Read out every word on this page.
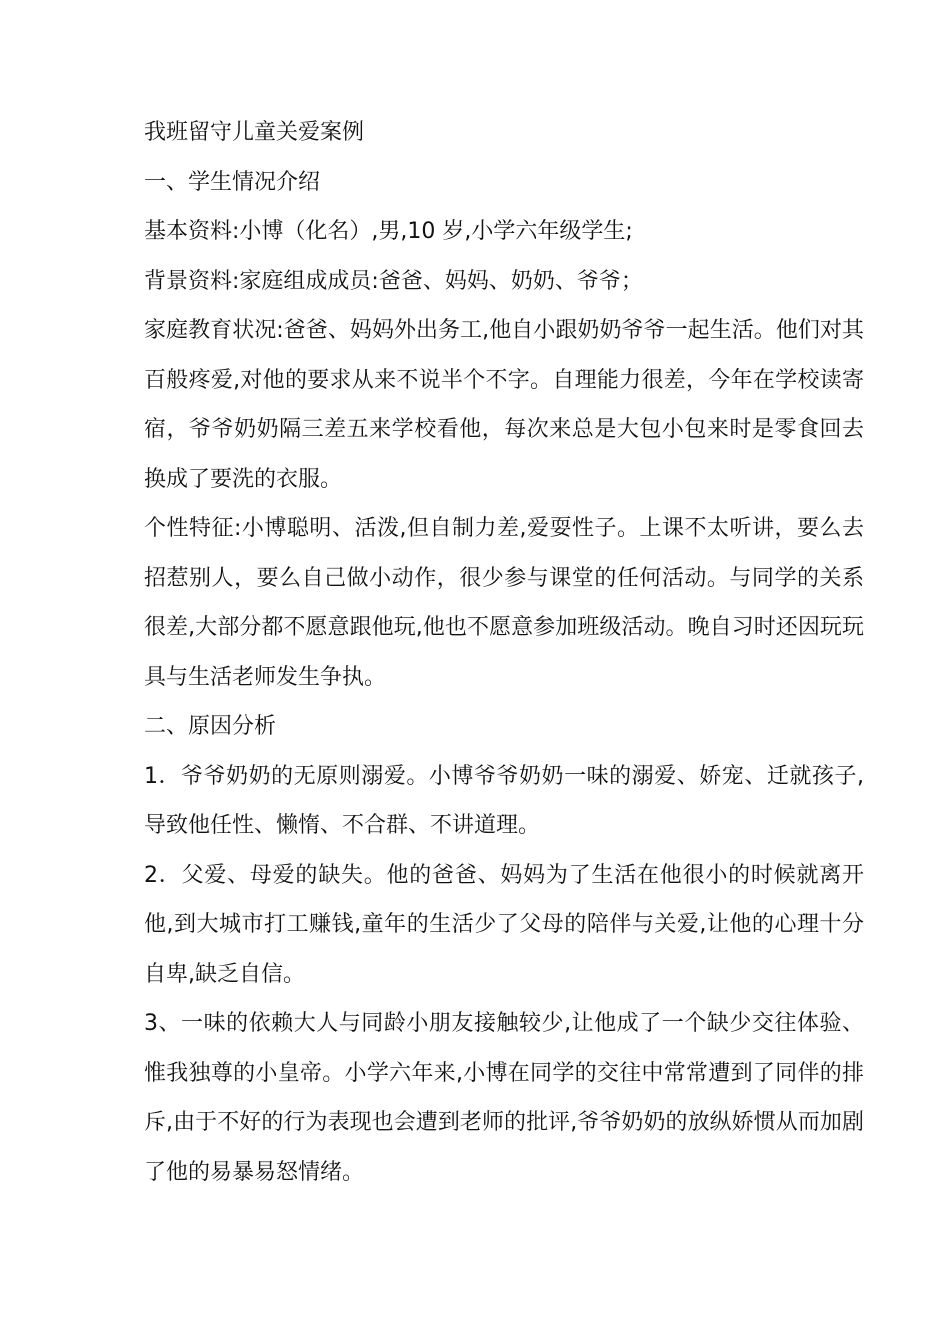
我班留守儿童关爱案例

一、学生情况介绍

基本资料:小博（化名）,男,10 岁,小学六年级学生;

背景资料:家庭组成成员:爸爸、妈妈、奶奶、爷爷；

家庭教育状况:爸爸、妈妈外出务工,他自小跟奶奶爷爷一起生活。他们对其百般疼爱,对他的要求从来不说半个不字。自理能力很差，今年在学校读寄宿，爷爷奶奶隔三差五来学校看他，每次来总是大包小包来时是零食回去换成了要洗的衣服。

个性特征:小博聪明、活泼,但自制力差,爱耍性子。上课不太听讲，要么去招惹别人，要么自己做小动作，很少参与课堂的任何活动。与同学的关系很差,大部分都不愿意跟他玩,他也不愿意参加班级活动。晚自习时还因玩玩具与生活老师发生争执。

二、原因分析

1．爷爷奶奶的无原则溺爱。小博爷爷奶奶一味的溺爱、娇宠、迁就孩子,导致他任性、懒惰、不合群、不讲道理。

2．父爱、母爱的缺失。他的爸爸、妈妈为了生活在他很小的时候就离开他,到大城市打工赚钱,童年的生活少了父母的陪伴与关爱,让他的心理十分自卑,缺乏自信。

3、一味的依赖大人与同龄小朋友接触较少,让他成了一个缺少交往体验、惟我独尊的小皇帝。小学六年来,小博在同学的交往中常常遭到了同伴的排斥,由于不好的行为表现也会遭到老师的批评,爷爷奶奶的放纵娇惯从而加剧了他的易暴易怒情绪。
